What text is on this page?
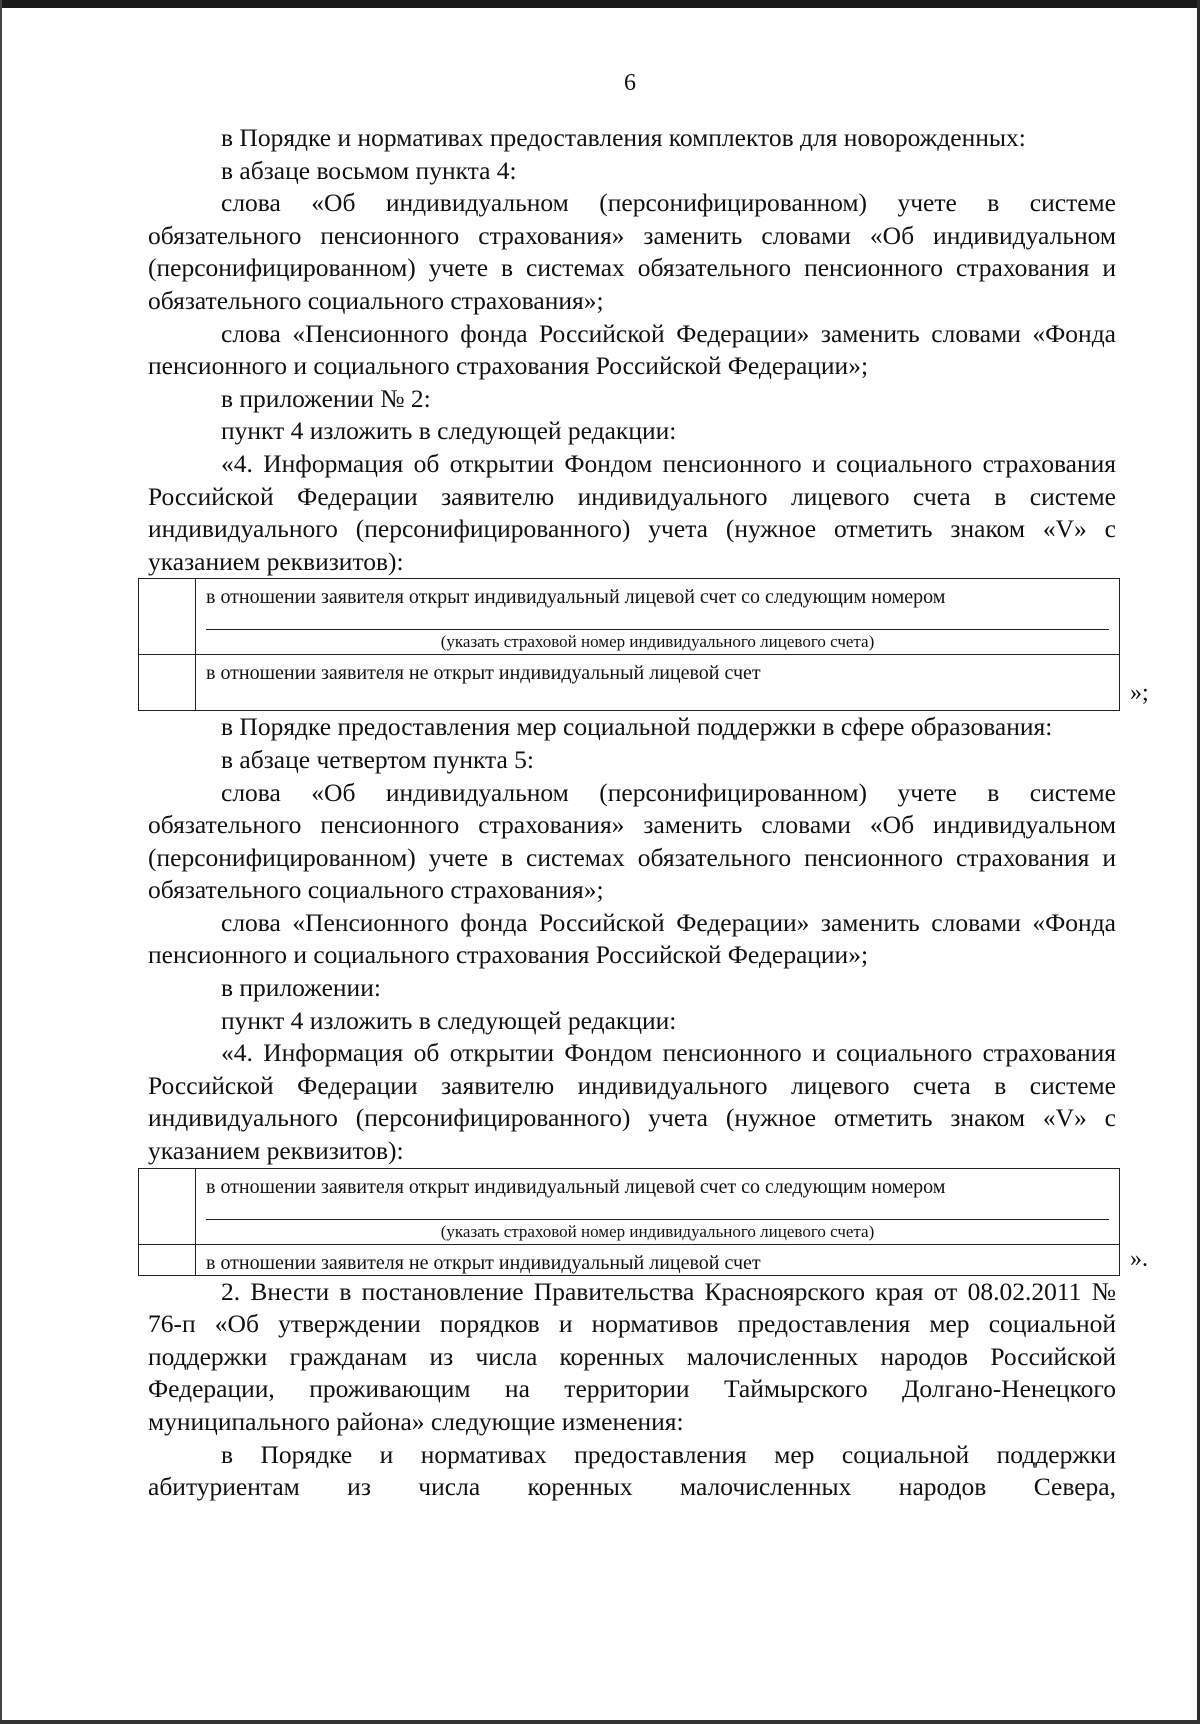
6

в Порядке и нормативах предоставления комплектов для новорожденных:

в абзаце восьмом пункта 4:

слова «Об индивидуальном (персонифицированном) учете в системе обязательного пенсионного страхования» заменить словами «Об индивидуальном (персонифицированном) учете в системах обязательного пенсионного страхования и обязательного социального страхования»;

слова «Пенсионного фонда Российской Федерации» заменить словами «Фонда пенсионного и социального страхования Российской Федерации»;

в приложении № 2:

пункт 4 изложить в следующей редакции:

«4. Информация об открытии Фондом пенсионного и социального страхования Российской Федерации заявителю индивидуального лицевого счета в системе индивидуального (персонифицированного) учета (нужное отметить знаком «V» с указанием реквизитов):

	в отношении заявителя открыт индивидуальный лицевой счет со следующим номером
(указать страховой номер индивидуального лицевого счета)

	в отношении заявителя не открыт индивидуальный лицевой счет
»;

в Порядке предоставления мер социальной поддержки в сфере образования:

в абзаце четвертом пункта 5:

слова «Об индивидуальном (персонифицированном) учете в системе обязательного пенсионного страхования» заменить словами «Об индивидуальном (персонифицированном) учете в системах обязательного пенсионного страхования и обязательного социального страхования»;

слова «Пенсионного фонда Российской Федерации» заменить словами «Фонда пенсионного и социального страхования Российской Федерации»;

в приложении:

пункт 4 изложить в следующей редакции:

«4. Информация об открытии Фондом пенсионного и социального страхования Российской Федерации заявителю индивидуального лицевого счета в системе индивидуального (персонифицированного) учета (нужное отметить знаком «V» с указанием реквизитов):

	в отношении заявителя открыт индивидуальный лицевой счет со следующим номером
(указать страховой номер индивидуального лицевого счета)

	в отношении заявителя не открыт индивидуальный лицевой счет	».

2. Внести в постановление Правительства Красноярского края от 08.02.2011 № 76-п «Об утверждении порядков и нормативов предоставления мер социальной поддержки гражданам из числа коренных малочисленных народов Российской Федерации, проживающим на территории Таймырского Долгано-Ненецкого муниципального района» следующие изменения:

в Порядке и нормативах предоставления мер социальной поддержки абитуриентам из числа коренных малочисленных народов Севера,
